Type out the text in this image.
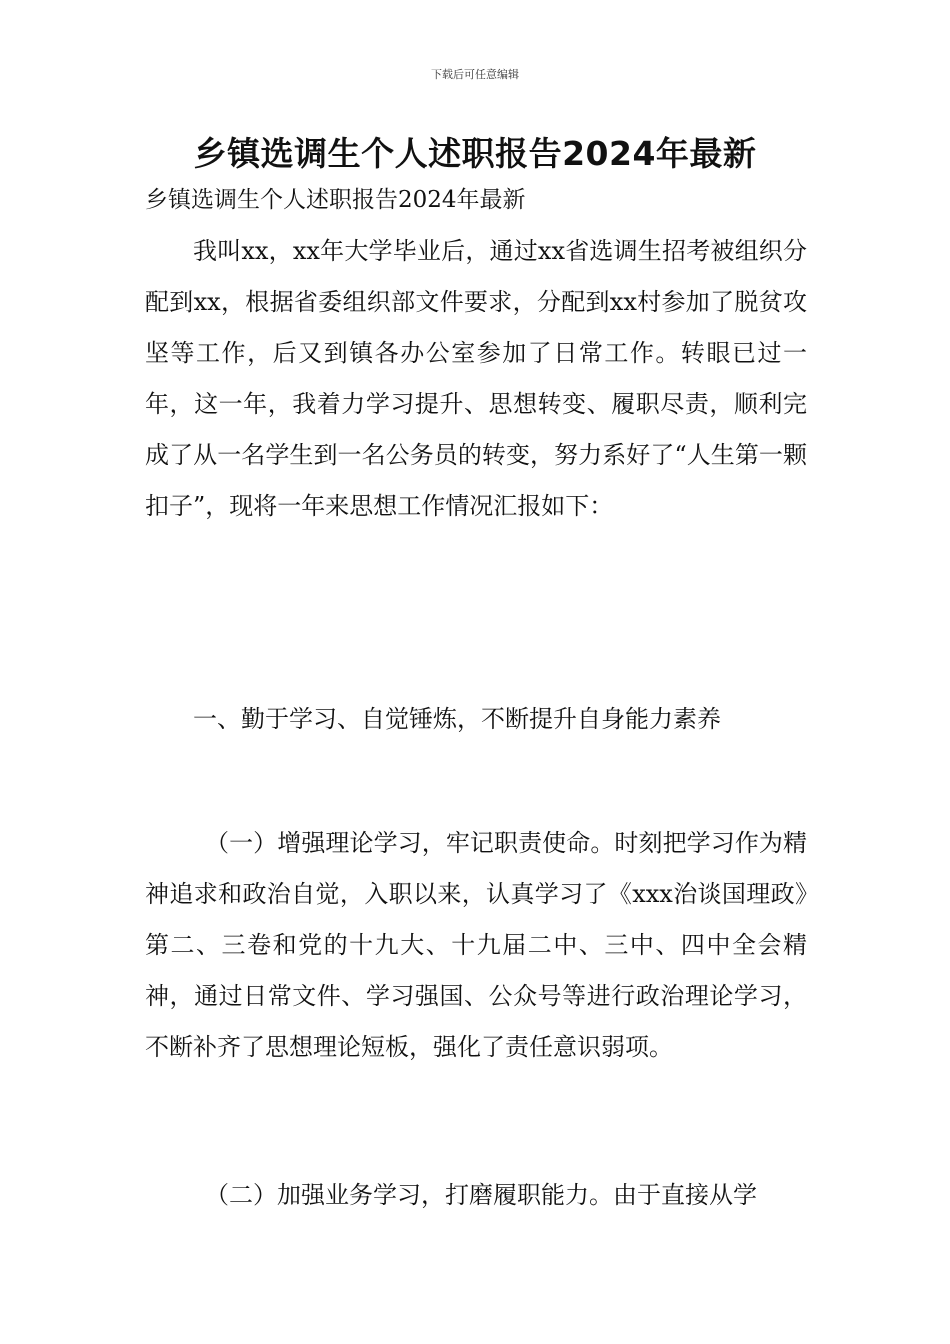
下载后可任意编辑
乡镇选调生个人述职报告2024年最新

乡镇选调生个人述职报告2024年最新

我叫xx，xx年大学毕业后，通过xx省选调生招考被组织分配到xx，根据省委组织部文件要求，分配到xx村参加了脱贫攻坚等工作，后又到镇各办公室参加了日常工作。转眼已过一年，这一年，我着力学习提升、思想转变、履职尽责，顺利完成了从一名学生到一名公务员的转变，努力系好了“人生第一颗扣子”，现将一年来思想工作情况汇报如下：

一、勤于学习、自觉锤炼，不断提升自身能力素养

（一）增强理论学习，牢记职责使命。时刻把学习作为精神追求和政治自觉，入职以来，认真学习了《xxx治谈国理政》第二、三卷和党的十九大、十九届二中、三中、四中全会精神，通过日常文件、学习强国、公众号等进行政治理论学习，不断补齐了思想理论短板，强化了责任意识弱项。

（二）加强业务学习，打磨履职能力。由于直接从学
